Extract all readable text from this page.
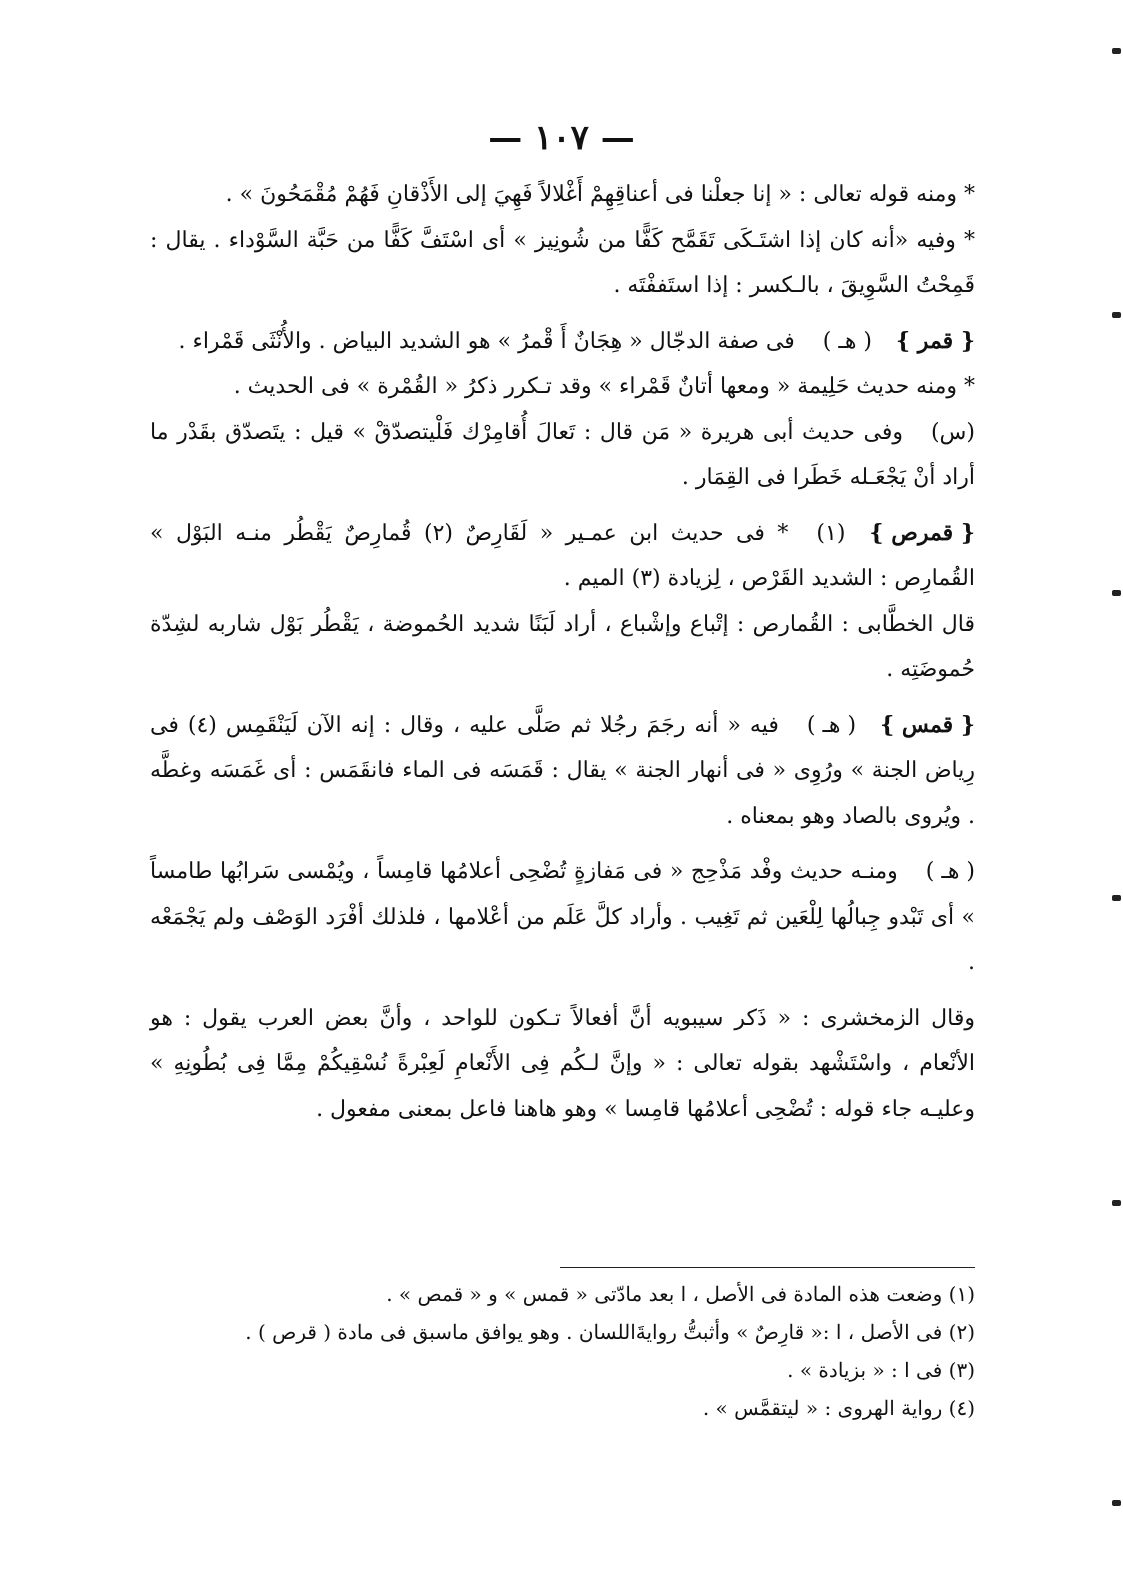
— ١٠٧ —

* ومنه قوله تعالى : « إنا جعلْنا فى أعناقِهِمْ أَغْلالاً فَهِيَ إلى الأَذْقانِ فَهُمْ مُقْمَحُونَ » .

* وفيه «أنه كان إذا اشتَـكَى تَقَمَّح كَفًّا من شُونِيز » أى اسْتَفَّ كَفًّا من حَبَّة السَّوْداء . يقال : قَمِحْتُ السَّوِيقَ ، بالـكسر : إذا استَففْتَه .

{ قمر }( هـ )فى صفة الدجّال « هِجَانٌ أَ قْمرُ » هو الشديد البياض . والأُنْثَى قَمْراء .

* ومنه حديث حَلِيمة « ومعها أتانٌ قَمْراء » وقد تـكرر ذكرُ « القُمْرة » فى الحديث .

(س)وفى حديث أبى هريرة « مَن قال : تَعالَ أُقامِرْك فَلْيتصدّقْ » قيل : يتَصدّق بقَدْر ما أراد أنْ يَجْعَـله خَطَرا فى القِمَار .

{ قمرص }(١)* فى حديث ابن عمـير « لَقَارِصٌ (٢) قُمارِصٌ يَقْطُر منـه البَوْل » القُمارِص : الشديد القَرْص ، لِزيادة (٣) الميم .

قال الخطَّابى : القُمارص : إتْباع وإشْباع ، أراد لَبَنًا شديد الحُموضة ، يَقْطُر بَوْل شاربه لشِدّة حُموضَتِه .

{ قمس }( هـ )فيه « أنه رجَمَ رجُلا ثم صَلَّى عليه ، وقال : إنه الآن لَيَنْقَمِس (٤) فى رِياض الجنة » ورُوِى « فى أنهار الجنة » يقال : قَمَسَه فى الماء فانقَمَس : أى غَمَسَه وغطَّه . ويُروى بالصاد وهو بمعناه .

( هـ )ومنـه حديث وفْد مَذْحِج « فى مَفازةٍ تُضْحِى أعلامُها قامِساً ، ويُمْسى سَرابُها طامساً » أى تَبْدو جِبالُها لِلْعَين ثم تَغِيب . وأراد كلَّ عَلَم من أعْلامها ، فلذلك أفْرَد الوَصْف ولم يَجْمَعْه .

وقال الزمخشرى : « ذَكر سيبويه أنَّ أفعالاً تـكون للواحد ، وأنَّ بعض العرب يقول : هو الأنْعام ، واسْتَشْهد بقوله تعالى : « وإنَّ لـكُم فِى الأَنْعامِ لَعِبْرةً نُسْقِيكُمْ مِمَّا فِى بُطُونِهِ » وعليـه جاء قوله : تُضْحِى أعلامُها قامِسا » وهو هاهنا فاعل بمعنى مفعول .

(١) وضعت هذه المادة فى الأصل ، ا بعد مادّتى « قمس » و « قمص » .

(٢) فى الأصل ، ا :« قارِصٌ » وأثبتُّ روايةَاللسان . وهو يوافق ماسبق فى مادة ( قرص ) .

(٣) فى ا : « بزيادة » .

(٤) رواية الهروى : « ليتقمَّس » .
